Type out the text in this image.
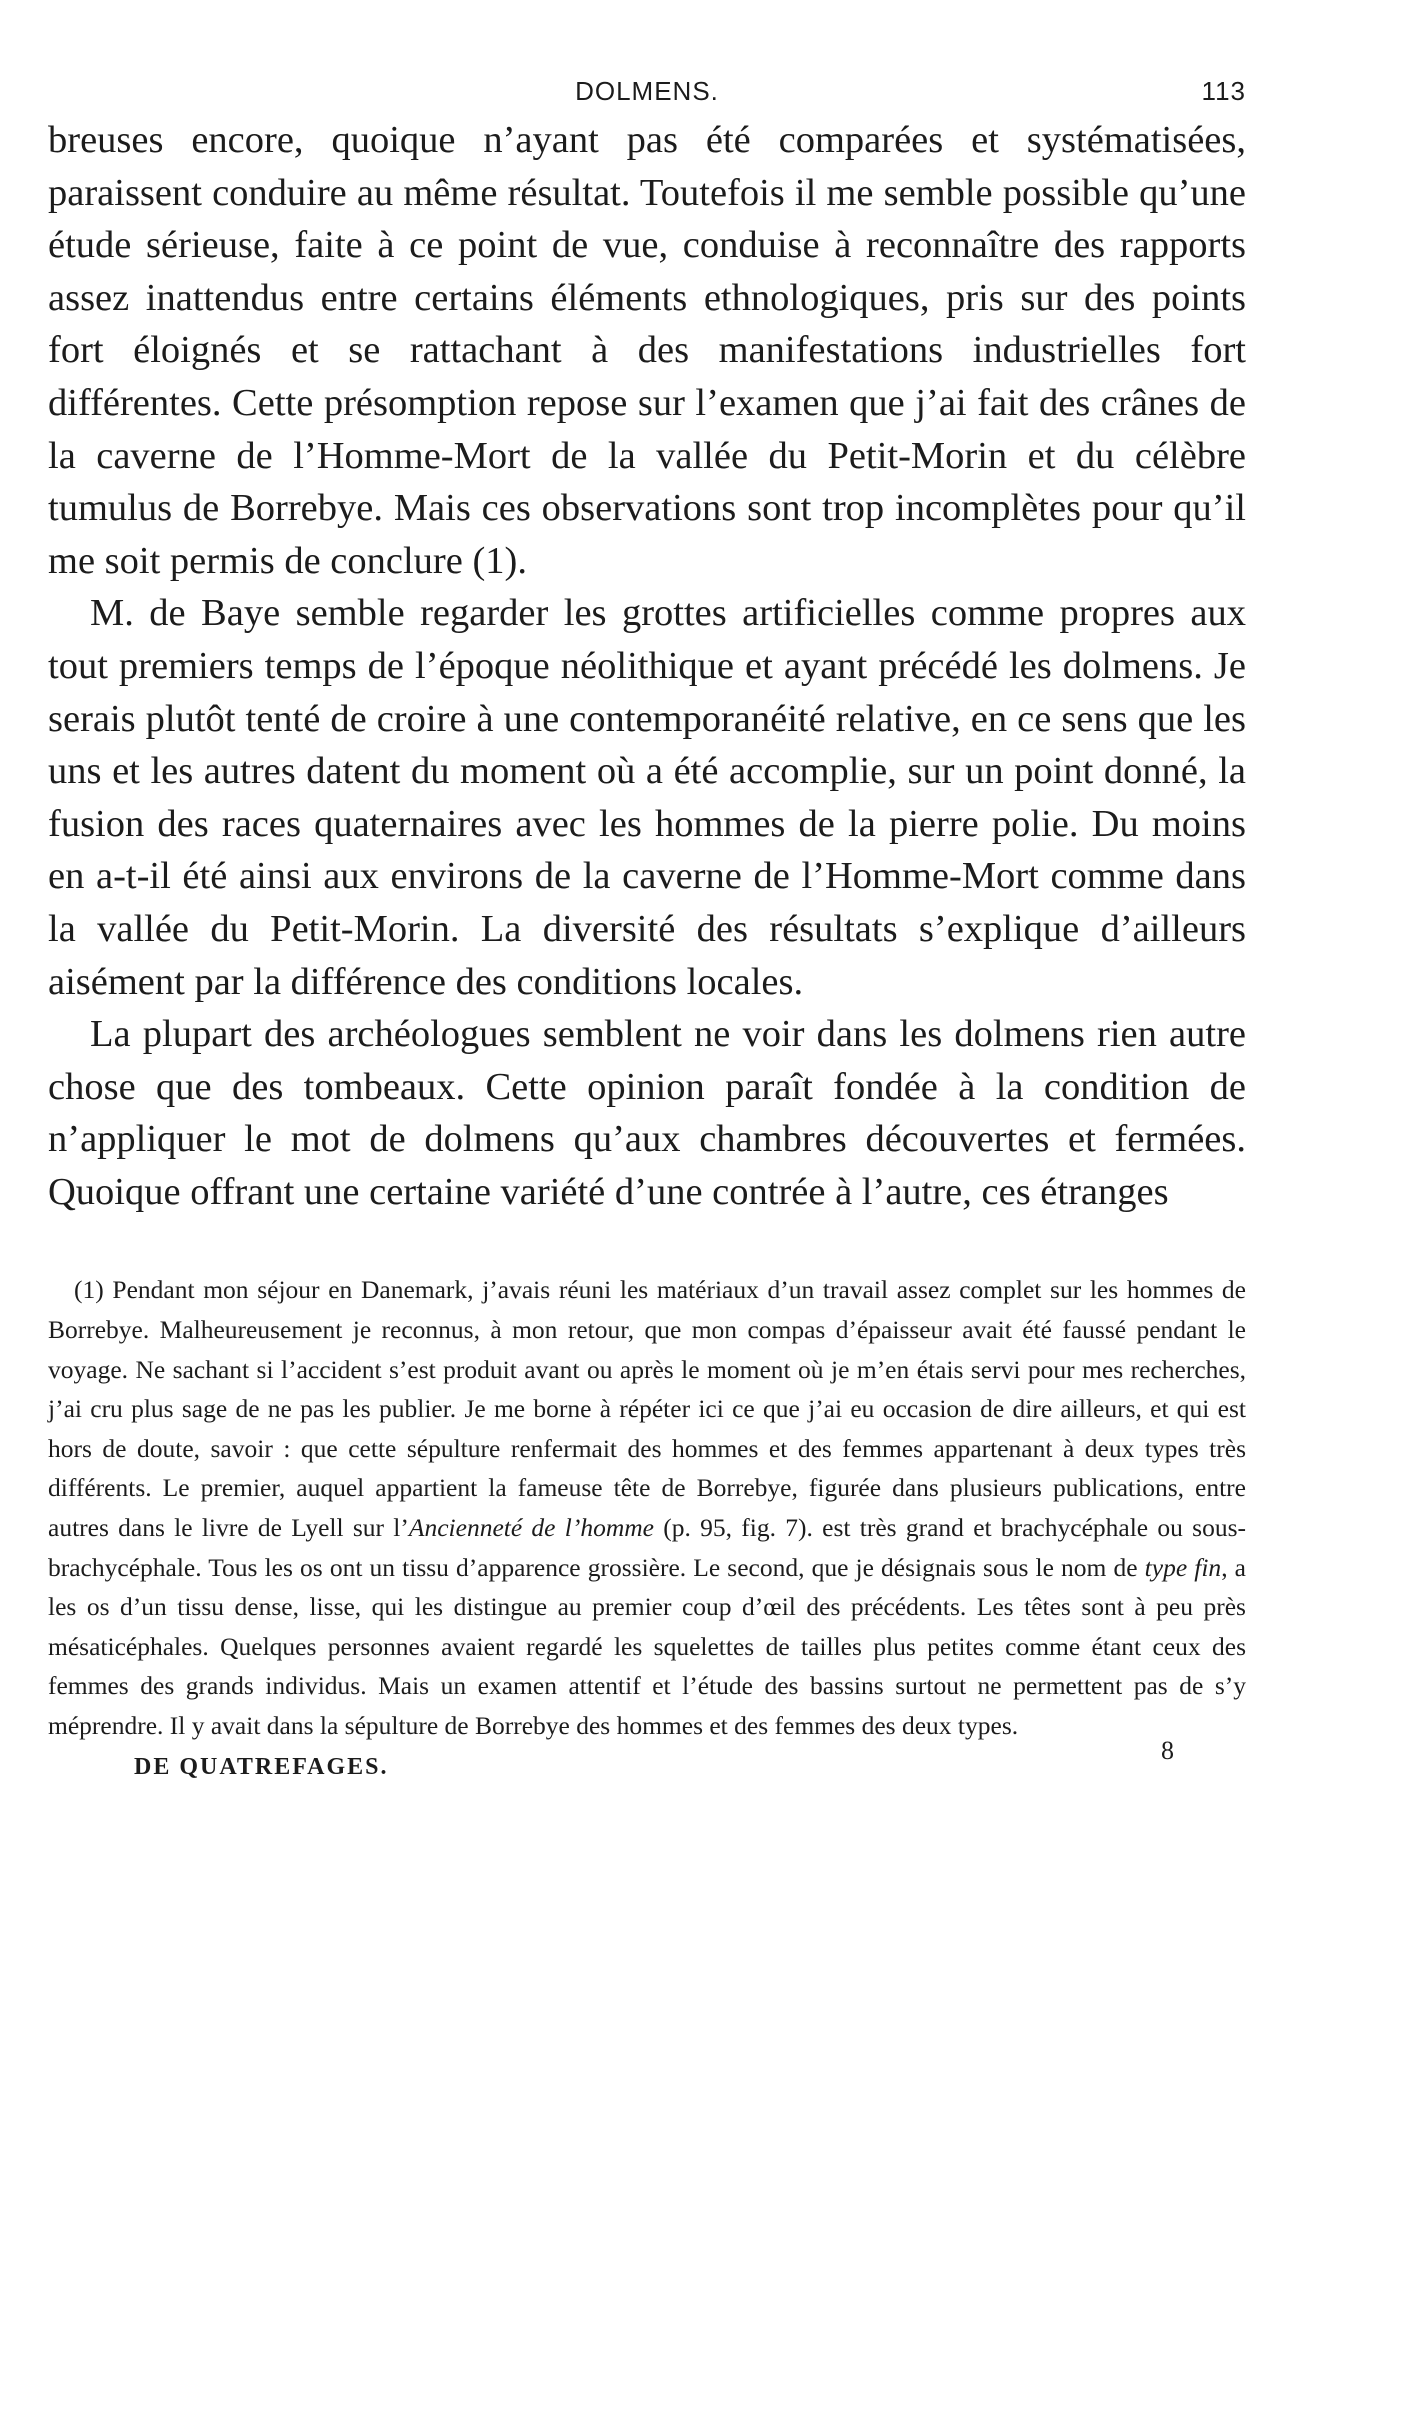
DOLMENS.	113

breuses encore, quoique n’ayant pas été comparées et systématisées, paraissent conduire au même résultat. Toutefois il me semble possible qu’une étude sérieuse, faite à ce point de vue, conduise à reconnaître des rapports assez inattendus entre certains éléments ethnologiques, pris sur des points fort éloignés et se rattachant à des manifestations industrielles fort différentes. Cette présomption repose sur l’examen que j’ai fait des crânes de la caverne de l’Homme-Mort de la vallée du Petit-Morin et du célèbre tumulus de Borrebye. Mais ces observations sont trop incomplètes pour qu’il me soit permis de conclure (1).

M. de Baye semble regarder les grottes artificielles comme propres aux tout premiers temps de l’époque néolithique et ayant précédé les dolmens. Je serais plutôt tenté de croire à une contemporanéité relative, en ce sens que les uns et les autres datent du moment où a été accomplie, sur un point donné, la fusion des races quaternaires avec les hommes de la pierre polie. Du moins en a-t-il été ainsi aux environs de la caverne de l’Homme-Mort comme dans la vallée du Petit-Morin. La diversité des résultats s’explique d’ailleurs aisément par la différence des conditions locales.

La plupart des archéologues semblent ne voir dans les dolmens rien autre chose que des tombeaux. Cette opinion paraît fondée à la condition de n’appliquer le mot de dolmens qu’aux chambres découvertes et fermées. Quoique offrant une certaine variété d’une contrée à l’autre, ces étranges

(1) Pendant mon séjour en Danemark, j’avais réuni les matériaux d’un travail assez complet sur les hommes de Borrebye. Malheureusement je reconnus, à mon retour, que mon compas d’épaisseur avait été faussé pendant le voyage. Ne sachant si l’accident s’est produit avant ou après le moment où je m’en étais servi pour mes recherches, j’ai cru plus sage de ne pas les publier. Je me borne à répéter ici ce que j’ai eu occasion de dire ailleurs, et qui est hors de doute, savoir : que cette sépulture renfermait des hommes et des femmes appartenant à deux types très différents. Le premier, auquel appartient la fameuse tête de Borrebye, figurée dans plusieurs publications, entre autres dans le livre de Lyell sur l’Ancienneté de l’homme (p. 95, fig. 7). est très grand et brachycéphale ou sous-brachycéphale. Tous les os ont un tissu d’apparence grossière. Le second, que je désignais sous le nom de type fin, a les os d’un tissu dense, lisse, qui les distingue au premier coup d’œil des précédents. Les têtes sont à peu près mésaticéphales. Quelques personnes avaient regardé les squelettes de tailles plus petites comme étant ceux des femmes des grands individus. Mais un examen attentif et l’étude des bassins surtout ne permettent pas de s’y méprendre. Il y avait dans la sépulture de Borrebye des hommes et des femmes des deux types.

DE QUATREFAGES.
8
